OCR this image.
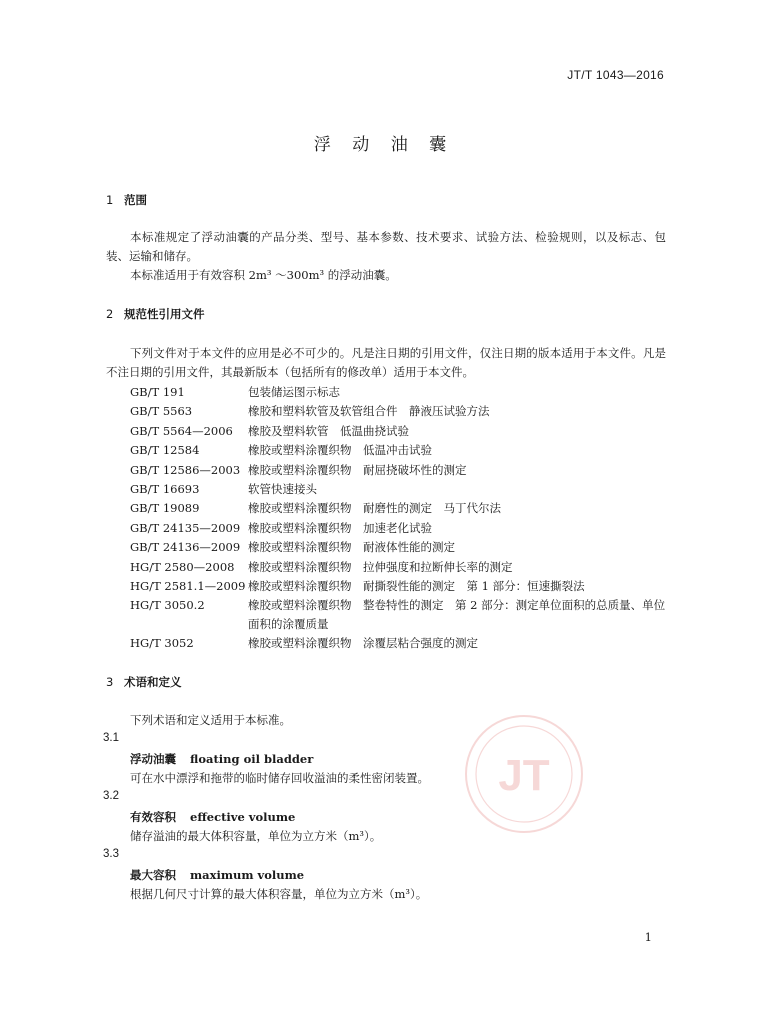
JT/T 1043—2016
浮 动 油 囊
1 范围
本标准规定了浮动油囊的产品分类、型号、基本参数、技术要求、试验方法、检验规则，以及标志、包装、运输和储存。
本标准适用于有效容积 2m³ ～300m³ 的浮动油囊。
2 规范性引用文件
下列文件对于本文件的应用是必不可少的。凡是注日期的引用文件，仅注日期的版本适用于本文件。凡是不注日期的引用文件，其最新版本（包括所有的修改单）适用于本文件。
GB/T 191	包装储运图示标志
GB/T 5563	橡胶和塑料软管及软管组合件　静液压试验方法
GB/T 5564—2006	橡胶及塑料软管　低温曲挠试验
GB/T 12584	橡胶或塑料涂覆织物　低温冲击试验
GB/T 12586—2003 橡胶或塑料涂覆织物　耐屈挠破坏性的测定
GB/T 16693	软管快速接头
GB/T 19089	橡胶或塑料涂覆织物　耐磨性的测定　马丁代尔法
GB/T 24135—2009 橡胶或塑料涂覆织物　加速老化试验
GB/T 24136—2009 橡胶或塑料涂覆织物　耐液体性能的测定
HG/T 2580—2008	橡胶或塑料涂覆织物　拉伸强度和拉断伸长率的测定
HG/T 2581.1—2009 橡胶或塑料涂覆织物　耐撕裂性能的测定　第 1 部分：恒速撕裂法
HG/T 3050.2	橡胶或塑料涂覆织物　整卷特性的测定　第 2 部分：测定单位面积的总质量、单位面积的涂覆质量
HG/T 3052	橡胶或塑料涂覆织物　涂覆层粘合强度的测定
3 术语和定义
下列术语和定义适用于本标准。
3.1
浮动油囊 floating oil bladder
可在水中漂浮和拖带的临时储存回收溢油的柔性密闭装置。
3.2
有效容积 effective volume
储存溢油的最大体积容量，单位为立方米（m³）。
3.3
最大容积 maximum volume
根据几何尺寸计算的最大体积容量，单位为立方米（m³）。
JT
1
